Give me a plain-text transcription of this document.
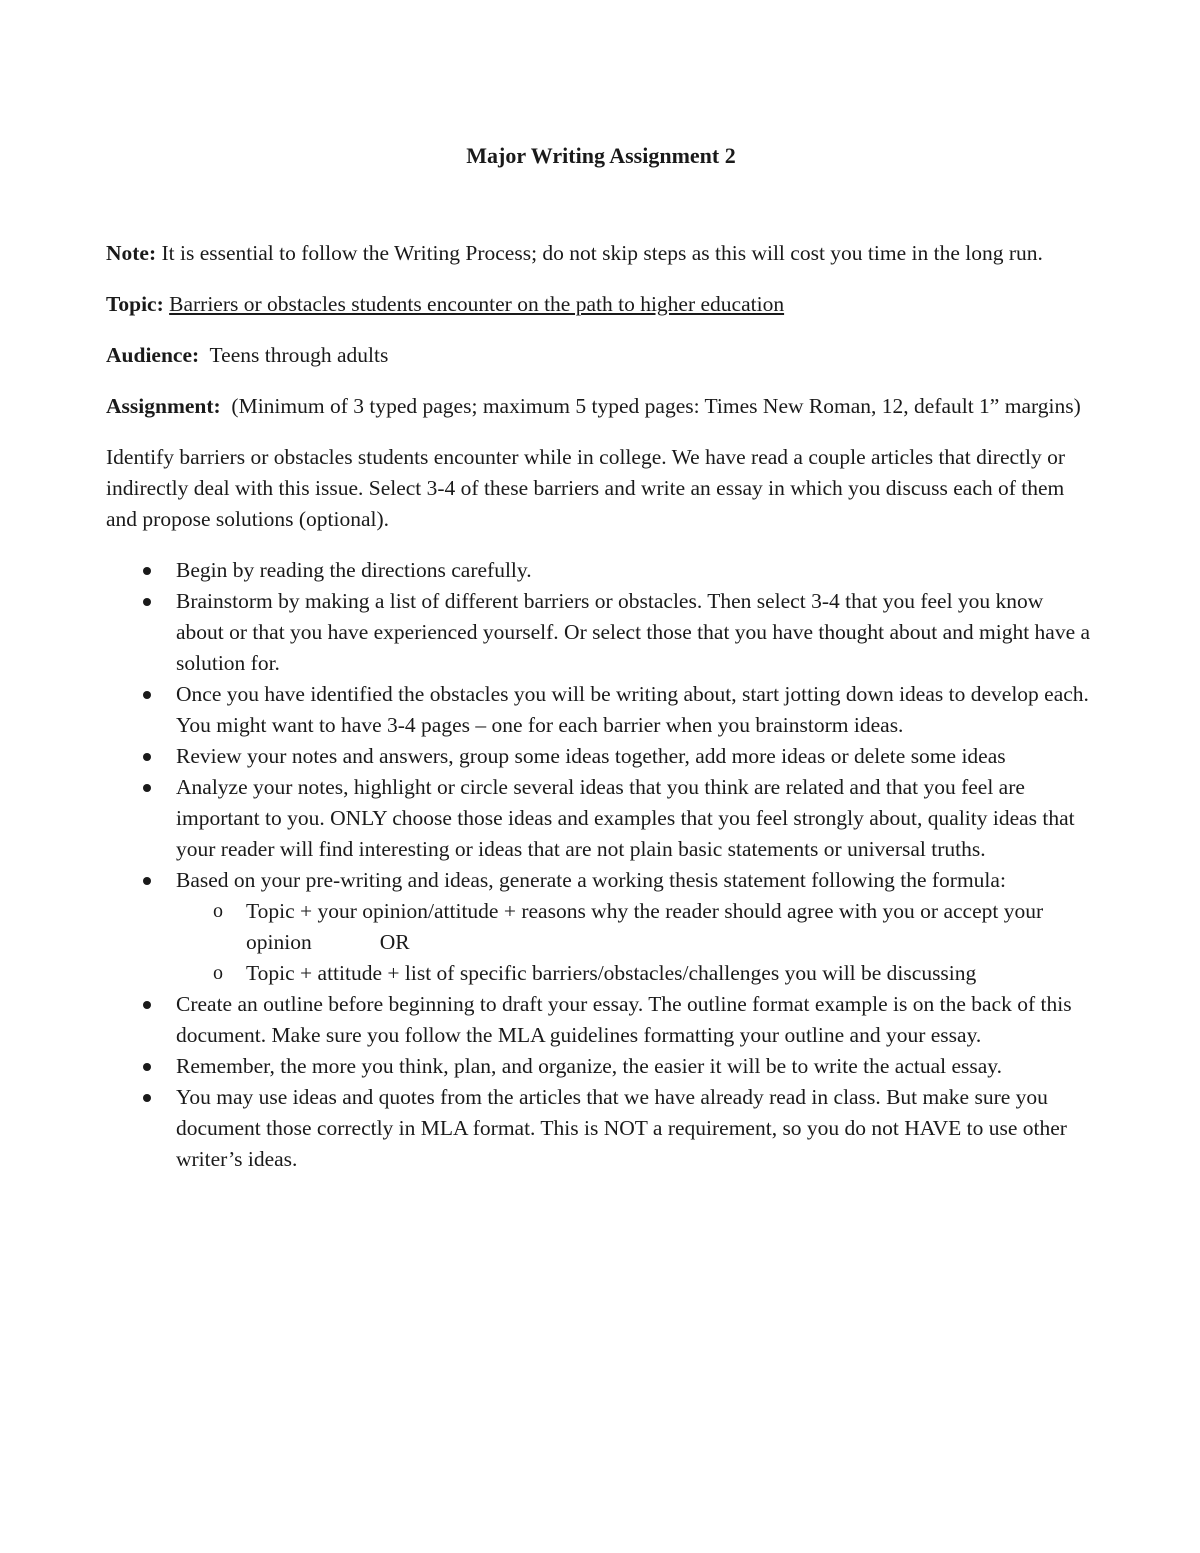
Major Writing Assignment 2

Note: It is essential to follow the Writing Process; do not skip steps as this will cost you time in the long run.

Topic: Barriers or obstacles students encounter on the path to higher education

Audience: Teens through adults

Assignment: (Minimum of 3 typed pages; maximum 5 typed pages: Times New Roman, 12, default 1” margins)

Identify barriers or obstacles students encounter while in college. We have read a couple articles that directly or indirectly deal with this issue. Select 3-4 of these barriers and write an essay in which you discuss each of them and propose solutions (optional).

Begin by reading the directions carefully.
Brainstorm by making a list of different barriers or obstacles. Then select 3-4 that you feel you know about or that you have experienced yourself. Or select those that you have thought about and might have a solution for.
Once you have identified the obstacles you will be writing about, start jotting down ideas to develop each. You might want to have 3-4 pages – one for each barrier when you brainstorm ideas.
Review your notes and answers, group some ideas together, add more ideas or delete some ideas
Analyze your notes, highlight or circle several ideas that you think are related and that you feel are important to you. ONLY choose those ideas and examples that you feel strongly about, quality ideas that your reader will find interesting or ideas that are not plain basic statements or universal truths.
Based on your pre-writing and ideas, generate a working thesis statement following the formula:
o Topic + your opinion/attitude + reasons why the reader should agree with you or accept your opinion	OR
o Topic + attitude + list of specific barriers/obstacles/challenges you will be discussing
Create an outline before beginning to draft your essay. The outline format example is on the back of this document. Make sure you follow the MLA guidelines formatting your outline and your essay.
Remember, the more you think, plan, and organize, the easier it will be to write the actual essay.
You may use ideas and quotes from the articles that we have already read in class. But make sure you document those correctly in MLA format. This is NOT a requirement, so you do not HAVE to use other writer’s ideas.
